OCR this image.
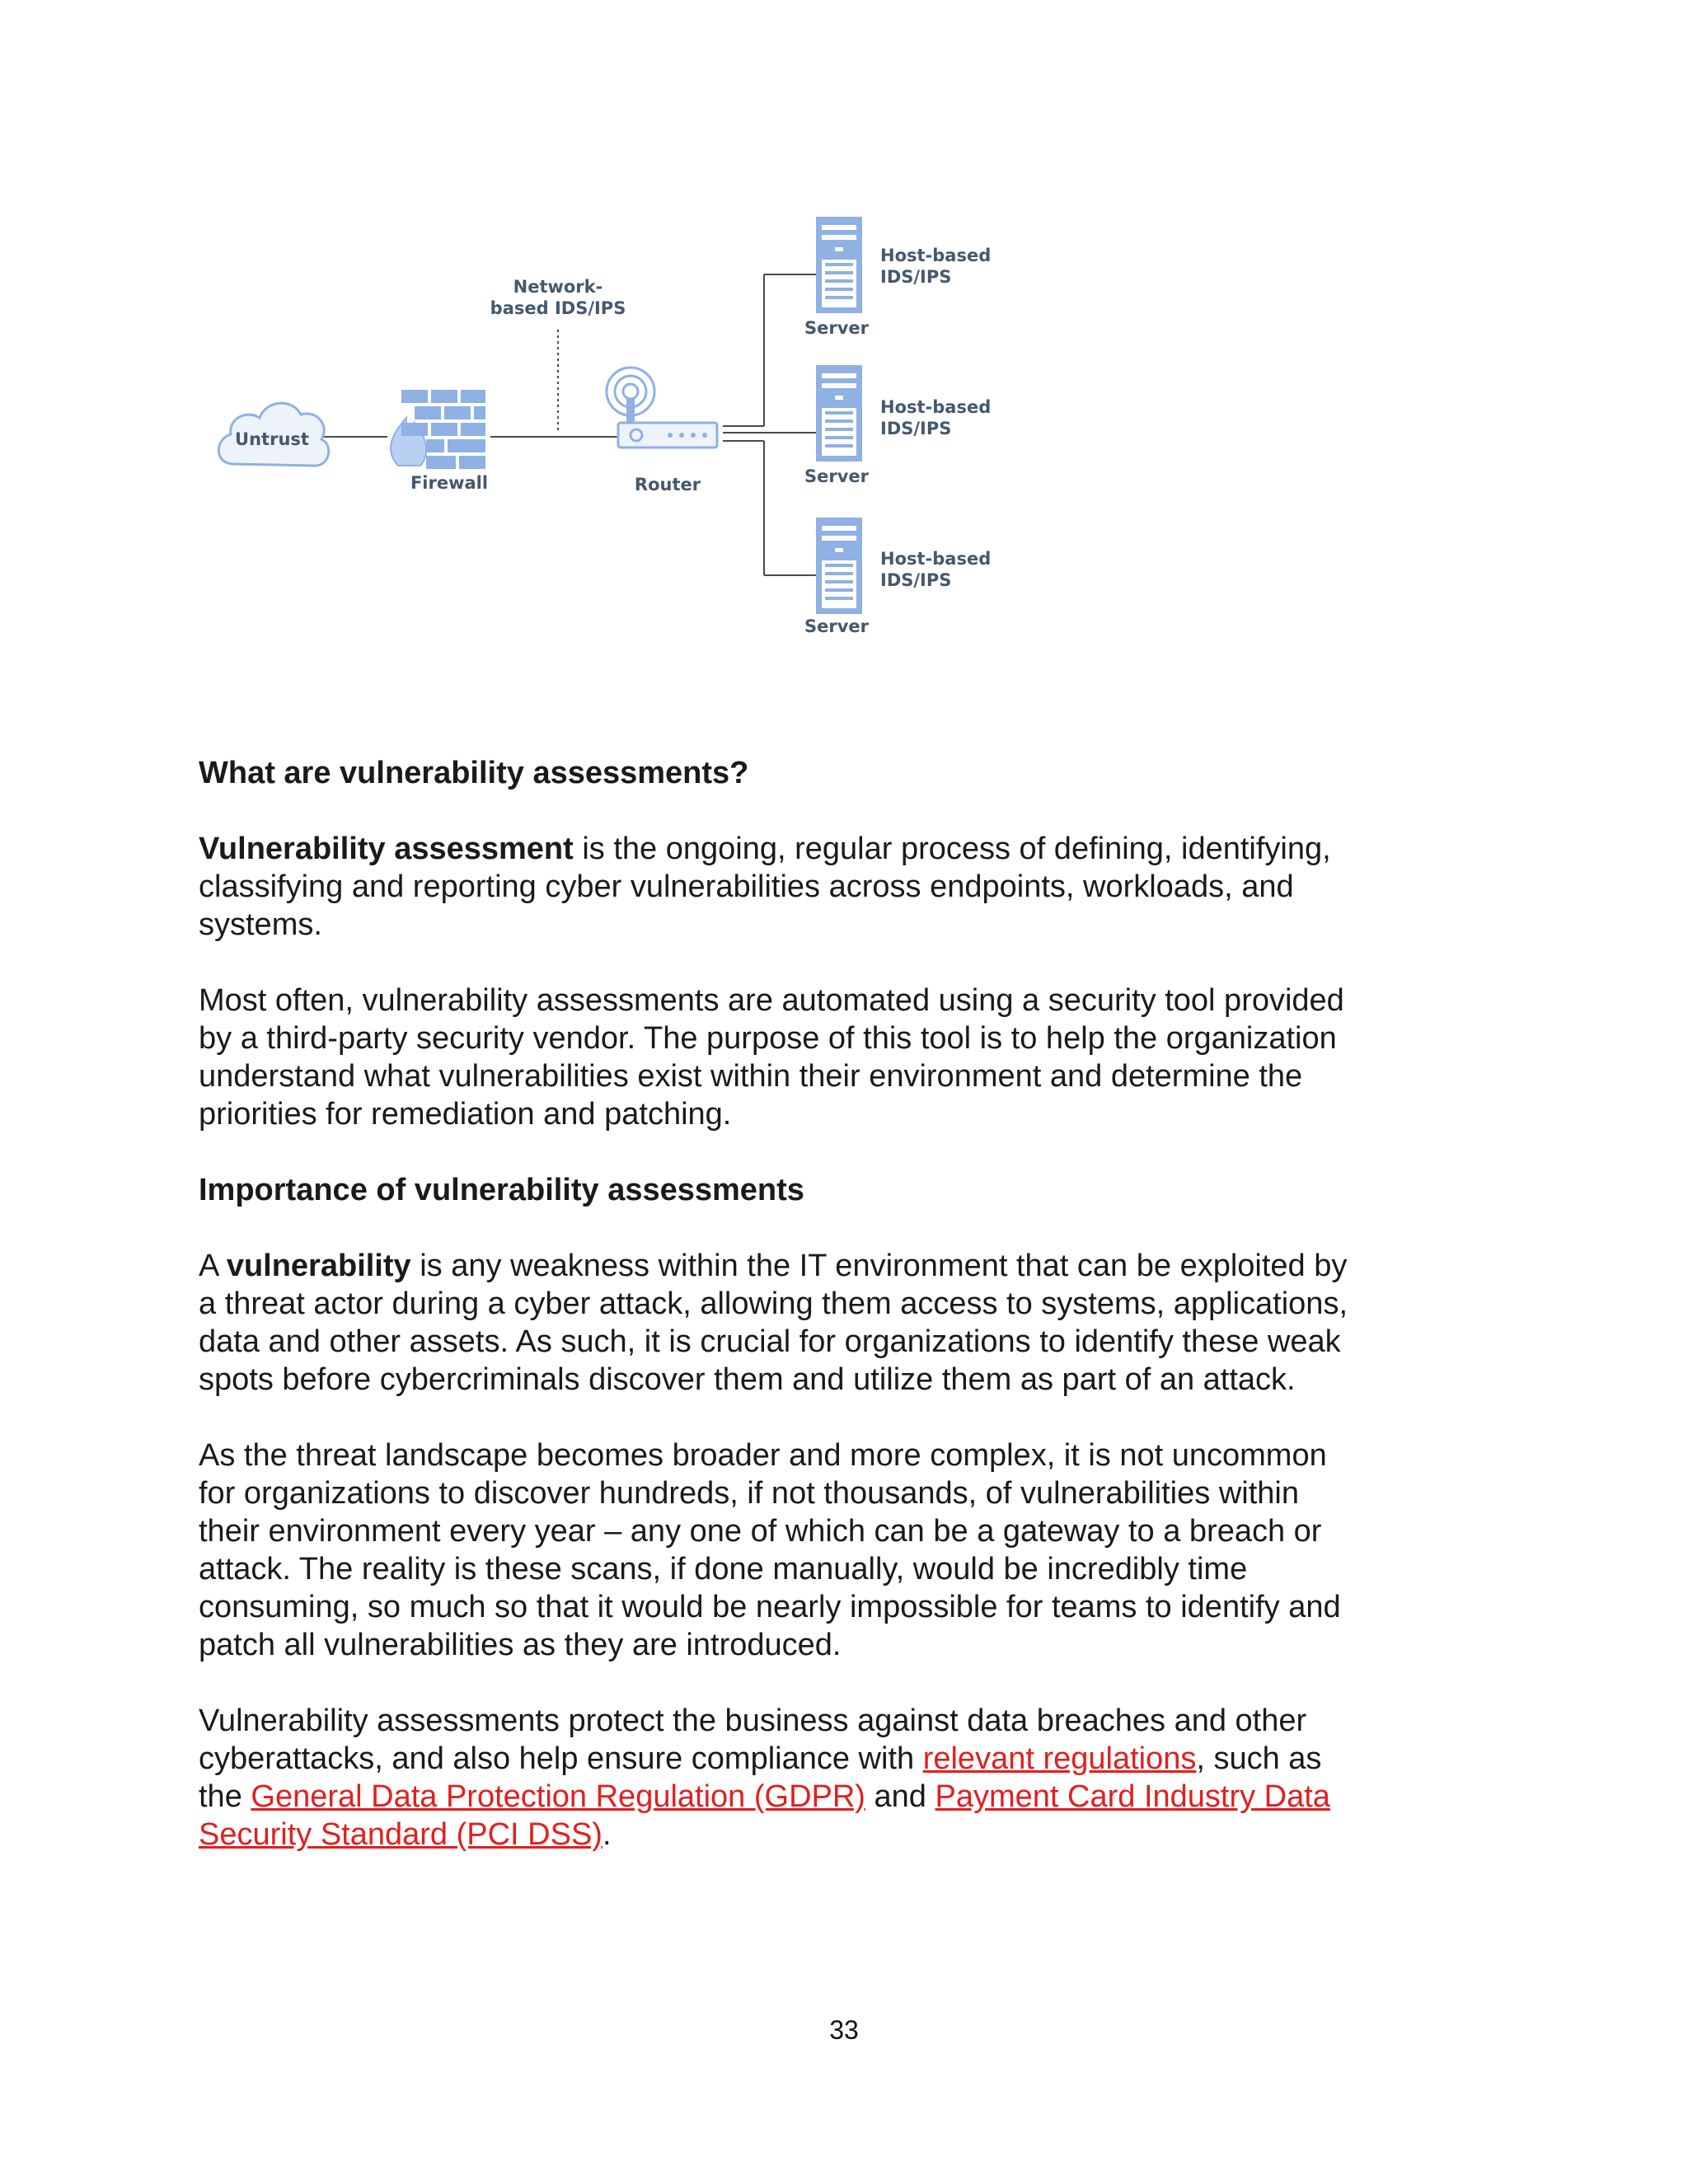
Untrust
Firewall
Network-
based IDS/IPS
Router
Server
Host-based
IDS/IPS
Server
Host-based
IDS/IPS
Server
Host-based
IDS/IPS

What are vulnerability assessments?

Vulnerability assessment is the ongoing, regular process of defining, identifying,
classifying and reporting cyber vulnerabilities across endpoints, workloads, and
systems.

Most often, vulnerability assessments are automated using a security tool provided
by a third-party security vendor. The purpose of this tool is to help the organization
understand what vulnerabilities exist within their environment and determine the
priorities for remediation and patching.

Importance of vulnerability assessments

A vulnerability is any weakness within the IT environment that can be exploited by
a threat actor during a cyber attack, allowing them access to systems, applications,
data and other assets. As such, it is crucial for organizations to identify these weak
spots before cybercriminals discover them and utilize them as part of an attack.

As the threat landscape becomes broader and more complex, it is not uncommon
for organizations to discover hundreds, if not thousands, of vulnerabilities within
their environment every year – any one of which can be a gateway to a breach or
attack. The reality is these scans, if done manually, would be incredibly time
consuming, so much so that it would be nearly impossible for teams to identify and
patch all vulnerabilities as they are introduced.

Vulnerability assessments protect the business against data breaches and other
cyberattacks, and also help ensure compliance with relevant regulations, such as
the General Data Protection Regulation (GDPR) and Payment Card Industry Data
Security Standard (PCI DSS).

33
